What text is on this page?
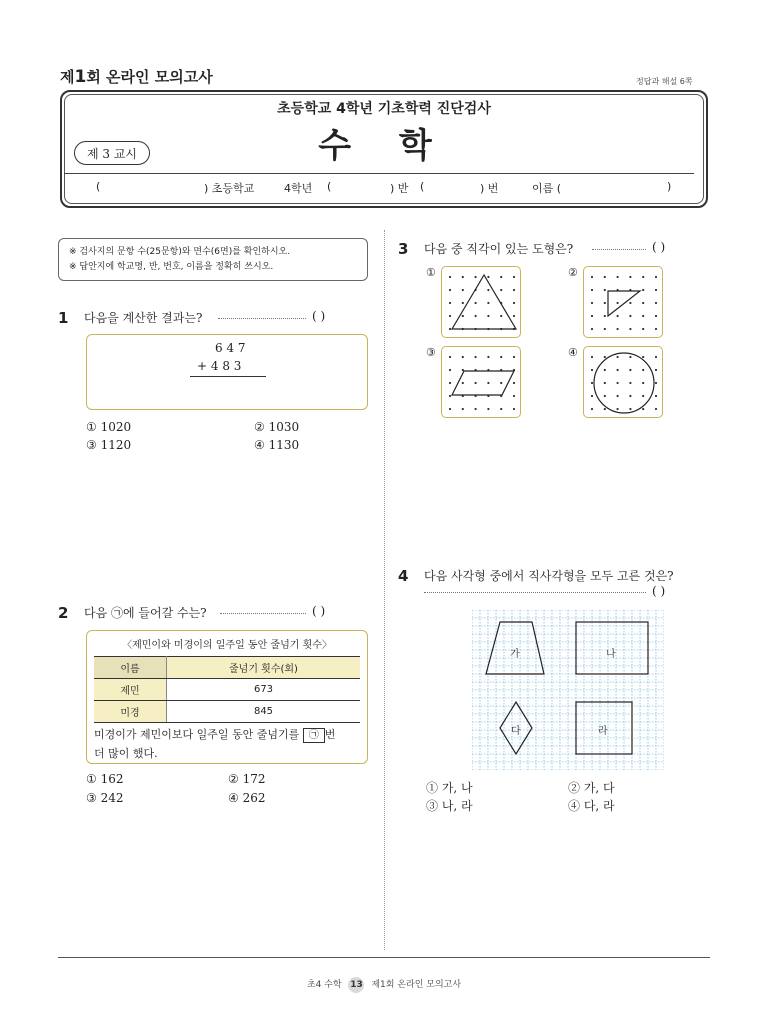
제1회 온라인 모의고사	정답과 해설 6쪽
초등학교 4학년 기초학력 진단검사
수 학
제 3 교시
(	) 초등학교	4학년 (	) 반 (	) 번	이름 (	)
※ 검사지의 문항 수(25문항)와 면수(6면)를 확인하시오.
※ 답안지에 학교명, 반, 번호, 이름을 정확히 쓰시오.
1 다음을 계산한 결과는?	( )
6 4 7
+ 4 8 3
① 1020	② 1030
③ 1120	④ 1130
2 다음 ㉠에 들어갈 수는?	( )
〈제민이와 미경이의 일주일 동안 줄넘기 횟수〉
이름	줄넘기 횟수(회)
제민	673
미경	845
미경이가 제민이보다 일주일 동안 줄넘기를 ㉠ 번
더 많이 했다.
① 162	② 172
③ 242	④ 262
3 다음 중 직각이 있는 도형은?	( )
①	②
③	④
4 다음 사각형 중에서 직사각형을 모두 고른 것은?
( )
가	나
다	라
① 가, 나	② 가, 다
③ 나, 라	④ 다, 라
초4 수학 13 제1회 온라인 모의고사
